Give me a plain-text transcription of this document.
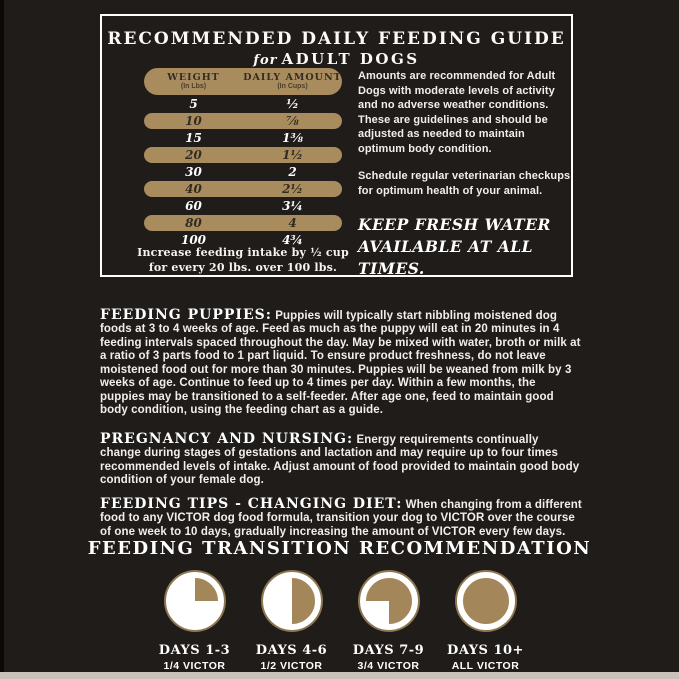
RECOMMENDED DAILY FEEDING GUIDE
for ADULT DOGS
WEIGHT
(In Lbs)
DAILY AMOUNT
(In Cups)
5	½
10	⅞
15	1⅜
20	1½
30	2
40	2½
60	3¼
80	4
100	4¾
Increase feeding intake by ½ cup
for every 20 lbs. over 100 lbs.

Amounts are recommended for Adult Dogs with moderate levels of activity and no adverse weather conditions. These are guidelines and should be adjusted as needed to maintain optimum body condition.

Schedule regular veterinarian checkups for optimum health of your animal.

KEEP FRESH WATER AVAILABLE AT ALL TIMES.

FEEDING PUPPIES: Puppies will typically start nibbling moistened dog foods at 3 to 4 weeks of age. Feed as much as the puppy will eat in 20 minutes in 4 feeding intervals spaced throughout the day. May be mixed with water, broth or milk at a ratio of 3 parts food to 1 part liquid. To ensure product freshness, do not leave moistened food out for more than 30 minutes. Puppies will be weaned from milk by 3 weeks of age. Continue to feed up to 4 times per day. Within a few months, the puppies may be transitioned to a self-feeder. After age one, feed to maintain good body condition, using the feeding chart as a guide.

PREGNANCY AND NURSING: Energy requirements continually change during stages of gestations and lactation and may require up to four times recommended levels of intake. Adjust amount of food provided to maintain good body condition of your female dog.

FEEDING TIPS - CHANGING DIET: When changing from a different food to any VICTOR dog food formula, transition your dog to VICTOR over the course of one week to 10 days, gradually increasing the amount of VICTOR every few days.

FEEDING TRANSITION RECOMMENDATION
DAYS 1-3
1/4 VICTOR
DAYS 4-6
1/2 VICTOR
DAYS 7-9
3/4 VICTOR
DAYS 10+
ALL VICTOR
